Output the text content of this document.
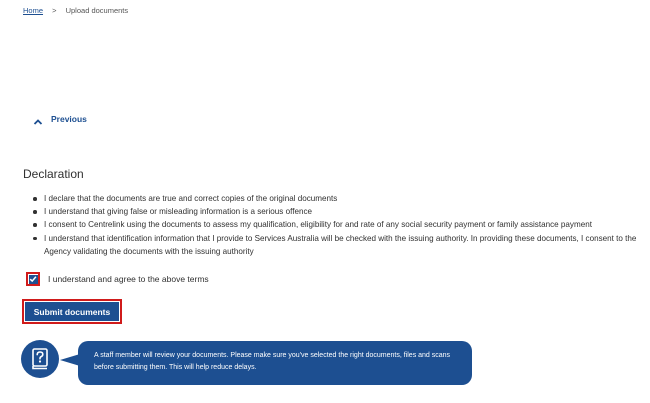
Home > Upload documents
Previous
Declaration
I declare that the documents are true and correct copies of the original documents
I understand that giving false or misleading information is a serious offence
I consent to Centrelink using the documents to assess my qualification, eligibility for and rate of any social security payment or family assistance payment
I understand that identification information that I provide to Services Australia will be checked with the issuing authority. In providing these documents, I consent to the Agency validating the documents with the issuing authority
I understand and agree to the above terms
Submit documents
A staff member will review your documents. Please make sure you've selected the right documents, files and scans before submitting them. This will help reduce delays.
